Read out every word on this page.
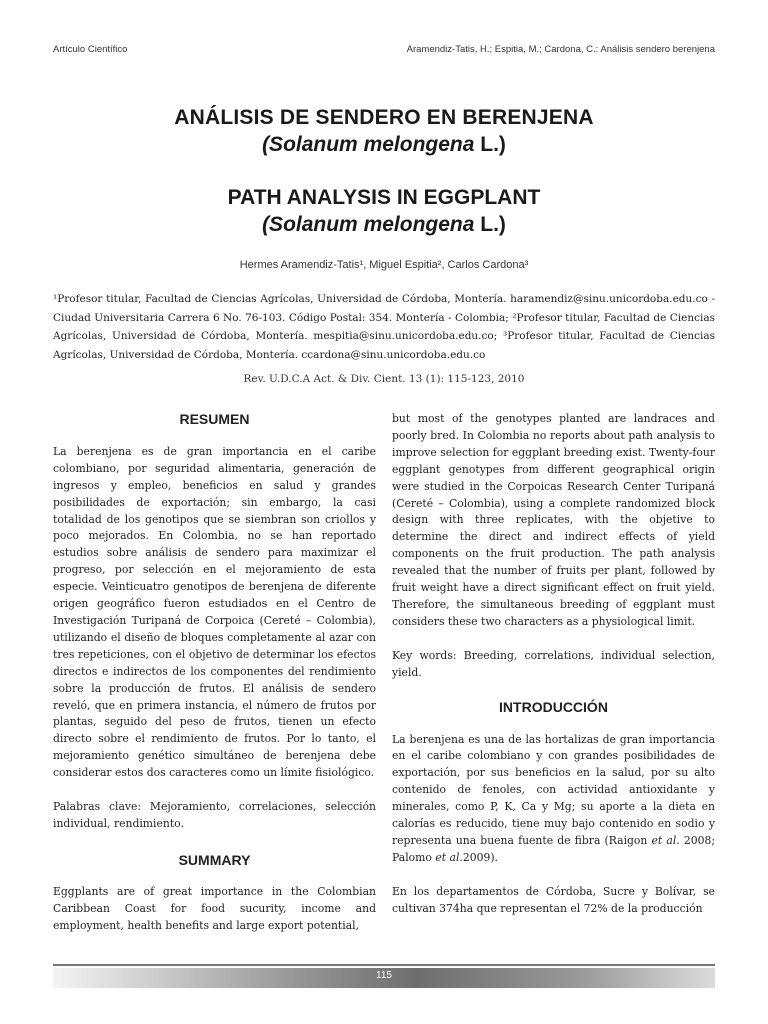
Artículo Científico	Aramendiz-Tatis, H.; Espitia, M.; Cardona, C.: Análisis sendero berenjena
ANÁLISIS DE SENDERO EN BERENJENA
(Solanum melongena L.)
PATH ANALYSIS IN EGGPLANT
(Solanum melongena L.)
Hermes Aramendiz-Tatis¹, Miguel Espitia², Carlos Cardona³
¹Profesor titular, Facultad de Ciencias Agrícolas, Universidad de Córdoba, Montería. haramendiz@sinu.unicordoba.edu.co - Ciudad Universitaria Carrera 6 No. 76-103. Código Postal: 354. Montería - Colombia; ²Profesor titular, Facultad de Ciencias Agrícolas, Universidad de Córdoba, Montería. mespitia@sinu.unicordoba.edu.co; ³Profesor titular, Facultad de Ciencias Agrícolas, Universidad de Córdoba, Montería. ccardona@sinu.unicordoba.edu.co
Rev. U.D.C.A Act. & Div. Cient. 13 (1): 115-123, 2010
RESUMEN

La berenjena es de gran importancia en el caribe colombiano, por seguridad alimentaria, generación de ingresos y empleo, beneficios en salud y grandes posibilidades de exportación; sin embargo, la casi totalidad de los genotipos que se siembran son criollos y poco mejorados. En Colombia, no se han reportado estudios sobre análisis de sendero para maximizar el progreso, por selección en el mejoramiento de esta especie. Veinticuatro genotipos de berenjena de diferente origen geográfico fueron estudiados en el Centro de Investigación Turipaná de Corpoica (Cereté – Colombia), utilizando el diseño de bloques completamente al azar con tres repeticiones, con el objetivo de determinar los efectos directos e indirectos de los componentes del rendimiento sobre la producción de frutos. El análisis de sendero reveló, que en primera instancia, el número de frutos por plantas, seguido del peso de frutos, tienen un efecto directo sobre el rendimiento de frutos. Por lo tanto, el mejoramiento genético simultáneo de berenjena debe considerar estos dos caracteres como un límite fisiológico.

Palabras clave: Mejoramiento, correlaciones, selección individual, rendimiento.

SUMMARY

Eggplants are of great importance in the Colombian Caribbean Coast for food sucurity, income and employment, health benefits and large export potential,

but most of the genotypes planted are landraces and poorly bred. In Colombia no reports about path analysis to improve selection for eggplant breeding exist. Twenty-four eggplant genotypes from different geographical origin were studied in the Corpoicas Research Center Turipaná (Cereté – Colombia), using a complete randomized block design with three replicates, with the objetive to determine the direct and indirect effects of yield components on the fruit production. The path analysis revealed that the number of fruits per plant, followed by fruit weight have a direct significant effect on fruit yield. Therefore, the simultaneous breeding of eggplant must considers these two characters as a physiological limit.

Key words: Breeding, correlations, individual selection, yield.

INTRODUCCIÓN

La berenjena es una de las hortalizas de gran importancia en el caribe colombiano y con grandes posibilidades de exportación, por sus beneficios en la salud, por su alto contenido de fenoles, con actividad antioxidante y minerales, como P, K, Ca y Mg; su aporte a la dieta en calorías es reducido, tiene muy bajo contenido en sodio y representa una buena fuente de fibra (Raigon et al. 2008; Palomo et al.2009).

En los departamentos de Córdoba, Sucre y Bolívar, se cultivan 374ha que representan el 72% de la producción

115
